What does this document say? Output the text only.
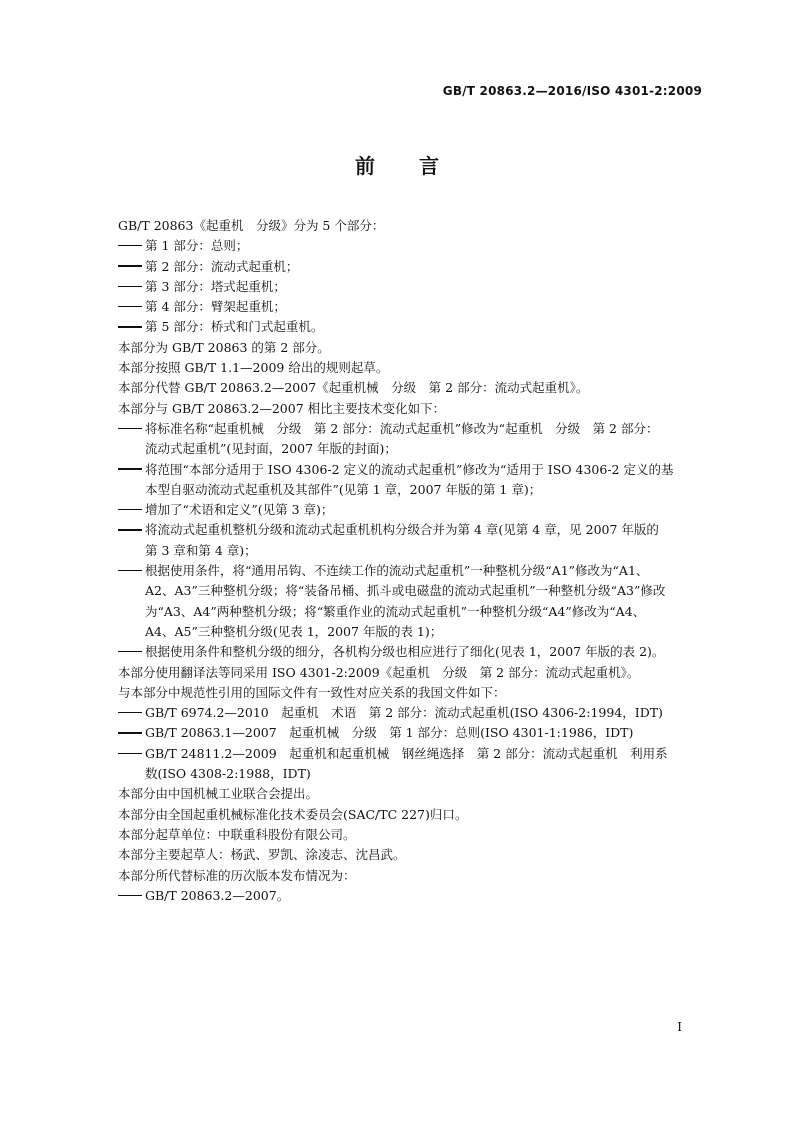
GB/T 20863.2—2016/ISO 4301-2:2009
前言
GB/T 20863《起重机　分级》分为 5 个部分：
第 1 部分：总则；
第 2 部分：流动式起重机；
第 3 部分：塔式起重机；
第 4 部分：臂架起重机；
第 5 部分：桥式和门式起重机。
本部分为 GB/T 20863 的第 2 部分。
本部分按照 GB/T 1.1—2009 给出的规则起草。
本部分代替 GB/T 20863.2—2007《起重机械　分级　第 2 部分：流动式起重机》。
本部分与 GB/T 20863.2—2007 相比主要技术变化如下：
将标准名称“起重机械　分级　第 2 部分：流动式起重机”修改为“起重机　分级　第 2 部分：
流动式起重机”(见封面，2007 年版的封面)；
将范围“本部分适用于 ISO 4306-2 定义的流动式起重机”修改为“适用于 ISO 4306-2 定义的基
本型自驱动流动式起重机及其部件”(见第 1 章，2007 年版的第 1 章)；
增加了“术语和定义”(见第 3 章)；
将流动式起重机整机分级和流动式起重机机构分级合并为第 4 章(见第 4 章，见 2007 年版的
第 3 章和第 4 章)；
根据使用条件，将“通用吊钩、不连续工作的流动式起重机”一种整机分级“A1”修改为“A1、
A2、A3”三种整机分级；将“装备吊桶、抓斗或电磁盘的流动式起重机”一种整机分级“A3”修改
为“A3、A4”两种整机分级；将“繁重作业的流动式起重机”一种整机分级“A4”修改为“A4、
A4、A5”三种整机分级(见表 1，2007 年版的表 1)；
根据使用条件和整机分级的细分，各机构分级也相应进行了细化(见表 1，2007 年版的表 2)。
本部分使用翻译法等同采用 ISO 4301-2:2009《起重机　分级　第 2 部分：流动式起重机》。
与本部分中规范性引用的国际文件有一致性对应关系的我国文件如下：
GB/T 6974.2—2010　起重机　术语　第 2 部分：流动式起重机(ISO 4306-2:1994，IDT)
GB/T 20863.1—2007　起重机械　分级　第 1 部分：总则(ISO 4301-1:1986，IDT)
GB/T 24811.2—2009　起重机和起重机械　钢丝绳选择　第 2 部分：流动式起重机　利用系
数(ISO 4308-2:1988，IDT)
本部分由中国机械工业联合会提出。
本部分由全国起重机械标准化技术委员会(SAC/TC 227)归口。
本部分起草单位：中联重科股份有限公司。
本部分主要起草人：杨武、罗凯、涂凌志、沈昌武。
本部分所代替标准的历次版本发布情况为：
GB/T 20863.2—2007。
I
